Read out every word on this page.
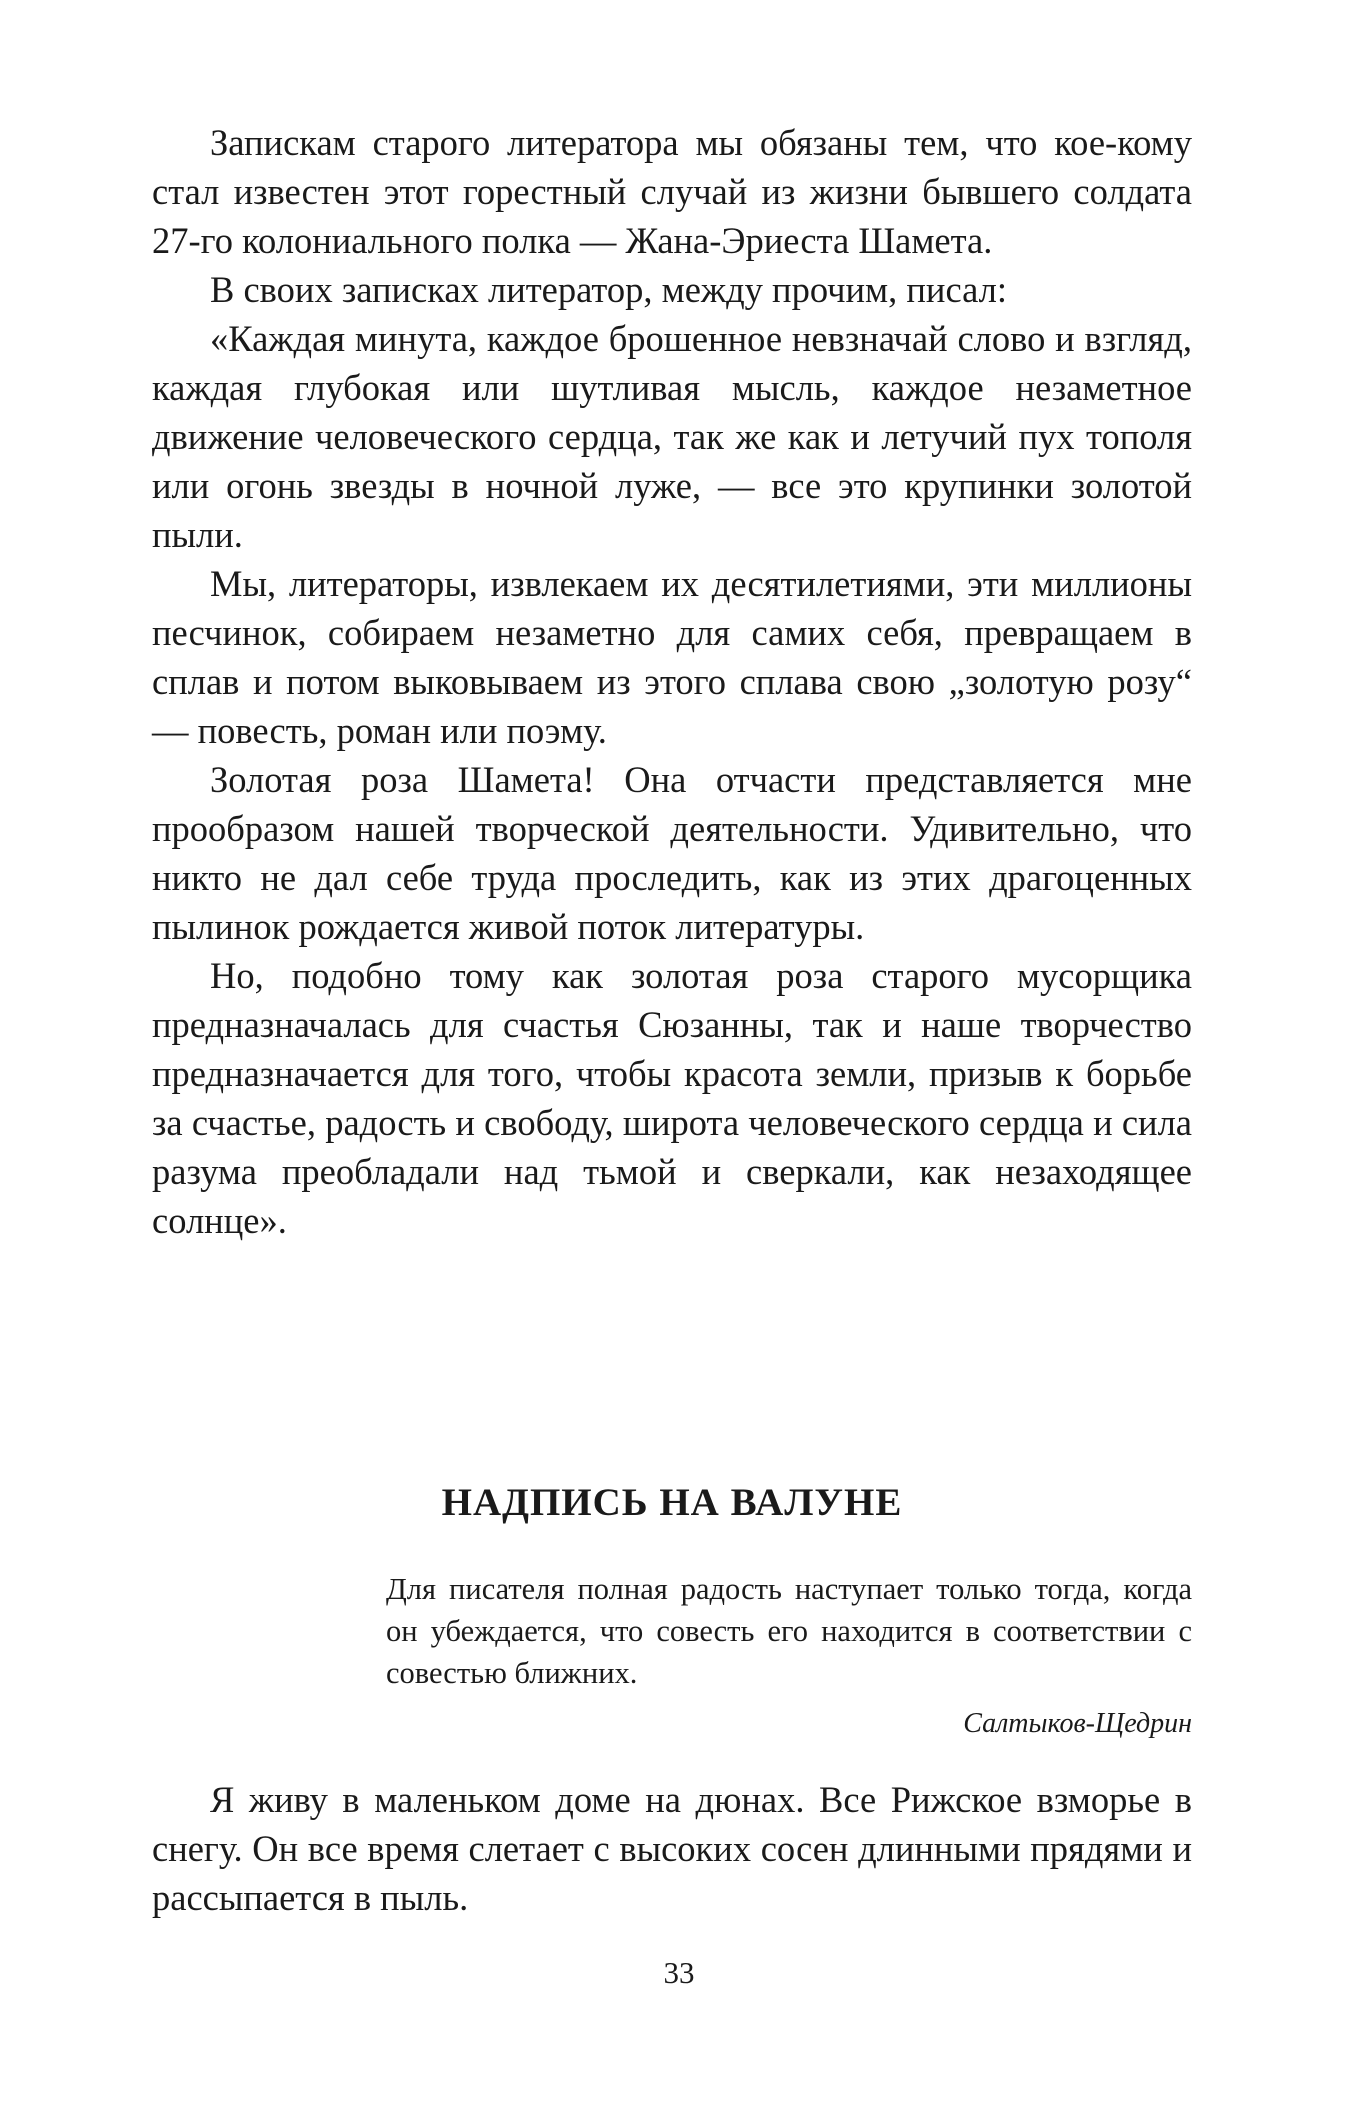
Запискам старого литератора мы обязаны тем, что кое-кому стал известен этот горестный случай из жизни бывшего солдата 27-го колониального полка — Жана-Эриеста Шамета.

В своих записках литератор, между прочим, писал:

«Каждая минута, каждое брошенное невзначай слово и взгляд, каждая глубокая или шутливая мысль, каждое незаметное движение человеческого сердца, так же как и летучий пух тополя или огонь звезды в ночной луже, — все это крупинки золотой пыли.

Мы, литераторы, извлекаем их десятилетиями, эти миллионы песчинок, собираем незаметно для самих себя, превращаем в сплав и потом выковываем из этого сплава свою „золотую розу“ — повесть, роман или поэму.

Золотая роза Шамета! Она отчасти представляется мне прообразом нашей творческой деятельности. Удивительно, что никто не дал себе труда проследить, как из этих драгоценных пылинок рождается живой поток литературы.

Но, подобно тому как золотая роза старого мусорщика предназначалась для счастья Сюзанны, так и наше творчество предназначается для того, чтобы красота земли, призыв к борьбе за счастье, радость и свободу, широта человеческого сердца и сила разума преобладали над тьмой и сверкали, как незаходящее солнце».

НАДПИСЬ НА ВАЛУНЕ

Для писателя полная радость наступает только тогда, когда он убеждается, что совесть его находится в соответствии с совестью ближних.

Салтыков-Щедрин

Я живу в маленьком доме на дюнах. Все Рижское взморье в снегу. Он все время слетает с высоких сосен длинными прядями и рассыпается в пыль.

33
